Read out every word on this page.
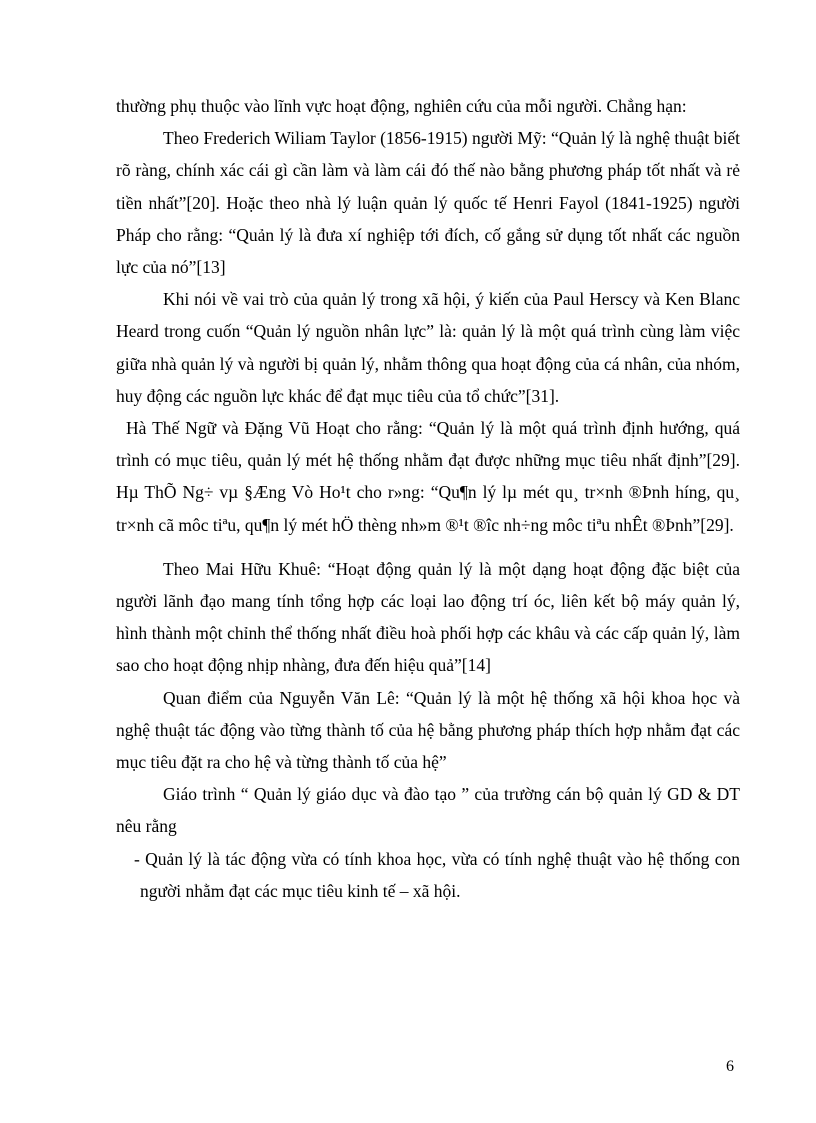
thường phụ thuộc vào lĩnh vực hoạt động, nghiên cứu của mỗi người. Chẳng hạn:

Theo Frederich Wiliam Taylor (1856-1915) người Mỹ: “Quản lý là nghệ thuật biết rõ ràng, chính xác cái gì cần làm và làm cái đó thế nào bằng phương pháp tốt nhất và rẻ tiền nhất”[20]. Hoặc theo nhà lý luận quản lý quốc tế Henri Fayol (1841-1925) người Pháp cho rằng: “Quản lý là đưa xí nghiệp tới đích, cố gắng sử dụng tốt nhất các nguồn lực của nó”[13]

Khi nói về vai trò của quản lý trong xã hội, ý kiến của Paul Herscy và Ken Blanc Heard trong cuốn “Quản lý nguồn nhân lực” là: quản lý là một quá trình cùng làm việc giữa nhà quản lý và người bị quản lý, nhằm thông qua hoạt động của cá nhân, của nhóm, huy động các nguồn lực khác để đạt mục tiêu của tổ chức”[31].

Hà Thế Ngữ và Đặng Vũ Hoạt cho rằng: “Quản lý là một quá trình định hướng, quá trình có mục tiêu, quản lý mét hệ thống nhằm đạt được những mục tiêu nhất định”[29]. Hµ ThÕ Ng÷ vµ §Æng Vò Ho¹t cho r»ng: “Qu¶n lý lµ mét qu¸ tr×nh ®Þnh híng, qu¸ tr×nh cã môc tiªu, qu¶n lý mét hÖ thèng nh»m ®¹t ®îc nh÷ng môc tiªu nhÊt ®Þnh”[29].

Theo Mai Hữu Khuê: “Hoạt động quản lý là một dạng hoạt động đặc biệt của người lãnh đạo mang tính tổng hợp các loại lao động trí óc, liên kết bộ máy quản lý, hình thành một chỉnh thể thống nhất điều hoà phối hợp các khâu và các cấp quản lý, làm sao cho hoạt động nhịp nhàng, đưa đến hiệu quả”[14]

Quan điểm của Nguyễn Văn Lê: “Quản lý là một hệ thống xã hội khoa học và nghệ thuật tác động vào từng thành tố của hệ bằng phương pháp thích hợp nhằm đạt các mục tiêu đặt ra cho hệ và từng thành tố của hệ”

Giáo trình “ Quản lý giáo dục và đào tạo ” của trường cán bộ quản lý GD & DT nêu rằng

- Quản lý là tác động vừa có tính khoa học, vừa có tính nghệ thuật vào hệ thống con người nhằm đạt các mục tiêu kinh tế – xã hội.

6
